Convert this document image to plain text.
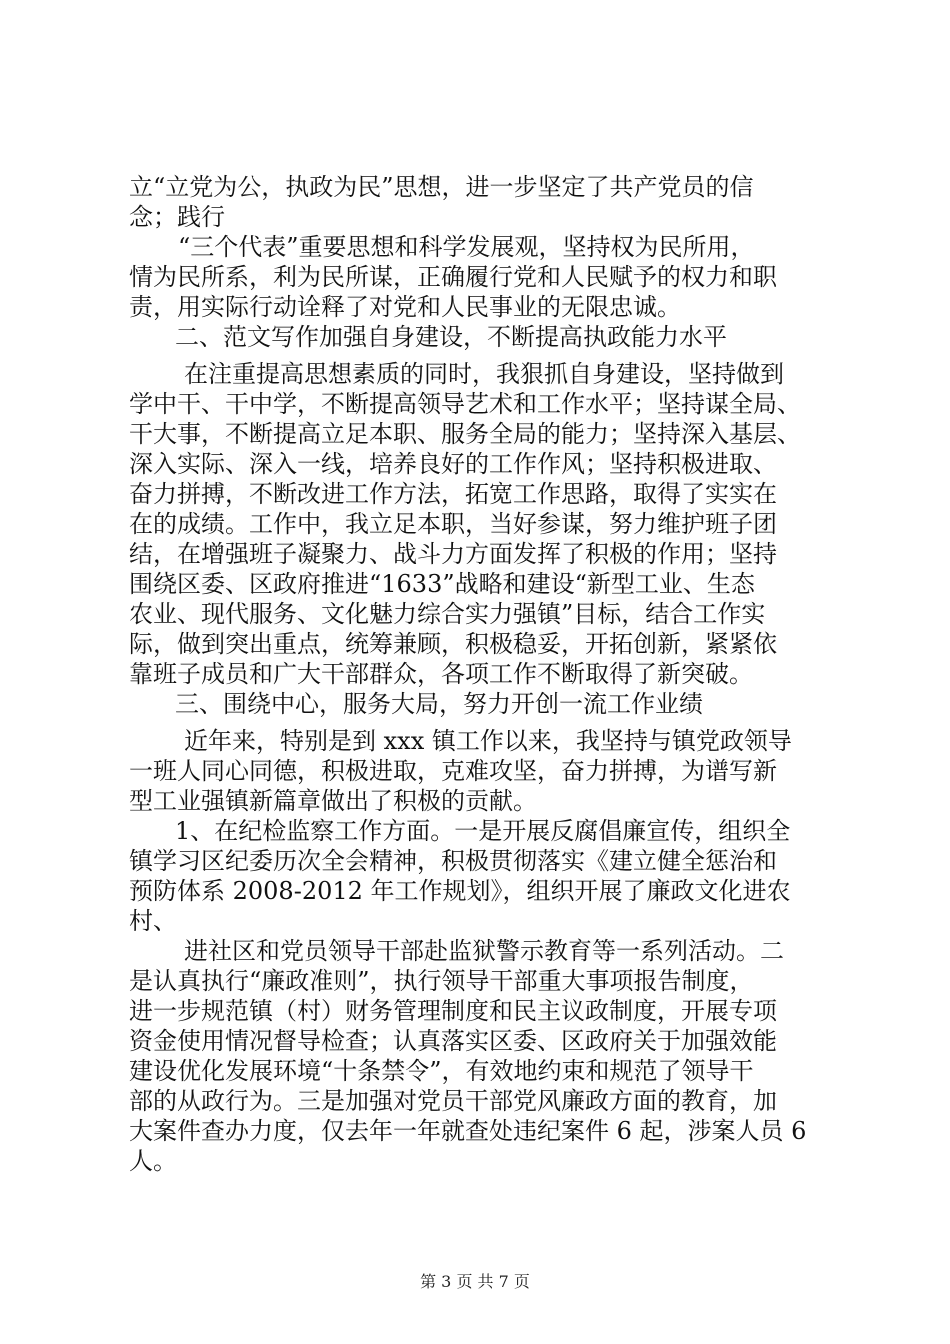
立“立党为公，执政为民”思想，进一步坚定了共产党员的信
念；践行
“三个代表”重要思想和科学发展观，坚持权为民所用，
情为民所系，利为民所谋，正确履行党和人民赋予的权力和职
责，用实际行动诠释了对党和人民事业的无限忠诚。
二、范文写作加强自身建设，不断提高执政能力水平
在注重提高思想素质的同时，我狠抓自身建设，坚持做到
学中干、干中学，不断提高领导艺术和工作水平；坚持谋全局、
干大事，不断提高立足本职、服务全局的能力；坚持深入基层、
深入实际、深入一线，培养良好的工作作风；坚持积极进取、
奋力拼搏，不断改进工作方法，拓宽工作思路，取得了实实在
在的成绩。工作中，我立足本职，当好参谋，努力维护班子团
结，在增强班子凝聚力、战斗力方面发挥了积极的作用；坚持
围绕区委、区政府推进“1633”战略和建设“新型工业、生态
农业、现代服务、文化魅力综合实力强镇”目标，结合工作实
际，做到突出重点，统筹兼顾，积极稳妥，开拓创新，紧紧依
靠班子成员和广大干部群众，各项工作不断取得了新突破。
三、围绕中心，服务大局，努力开创一流工作业绩
近年来，特别是到 xxx 镇工作以来，我坚持与镇党政领导
一班人同心同德，积极进取，克难攻坚，奋力拼搏，为谱写新
型工业强镇新篇章做出了积极的贡献。
1、在纪检监察工作方面。一是开展反腐倡廉宣传，组织全
镇学习区纪委历次全会精神，积极贯彻落实《建立健全惩治和
预防体系 2008-2012 年工作规划》，组织开展了廉政文化进农
村、
进社区和党员领导干部赴监狱警示教育等一系列活动。二
是认真执行“廉政准则”，执行领导干部重大事项报告制度，
进一步规范镇（村）财务管理制度和民主议政制度，开展专项
资金使用情况督导检查；认真落实区委、区政府关于加强效能
建设优化发展环境“十条禁令”，有效地约束和规范了领导干
部的从政行为。三是加强对党员干部党风廉政方面的教育，加
大案件查办力度，仅去年一年就查处违纪案件 6 起，涉案人员 6
人。
第 3 页 共 7 页
